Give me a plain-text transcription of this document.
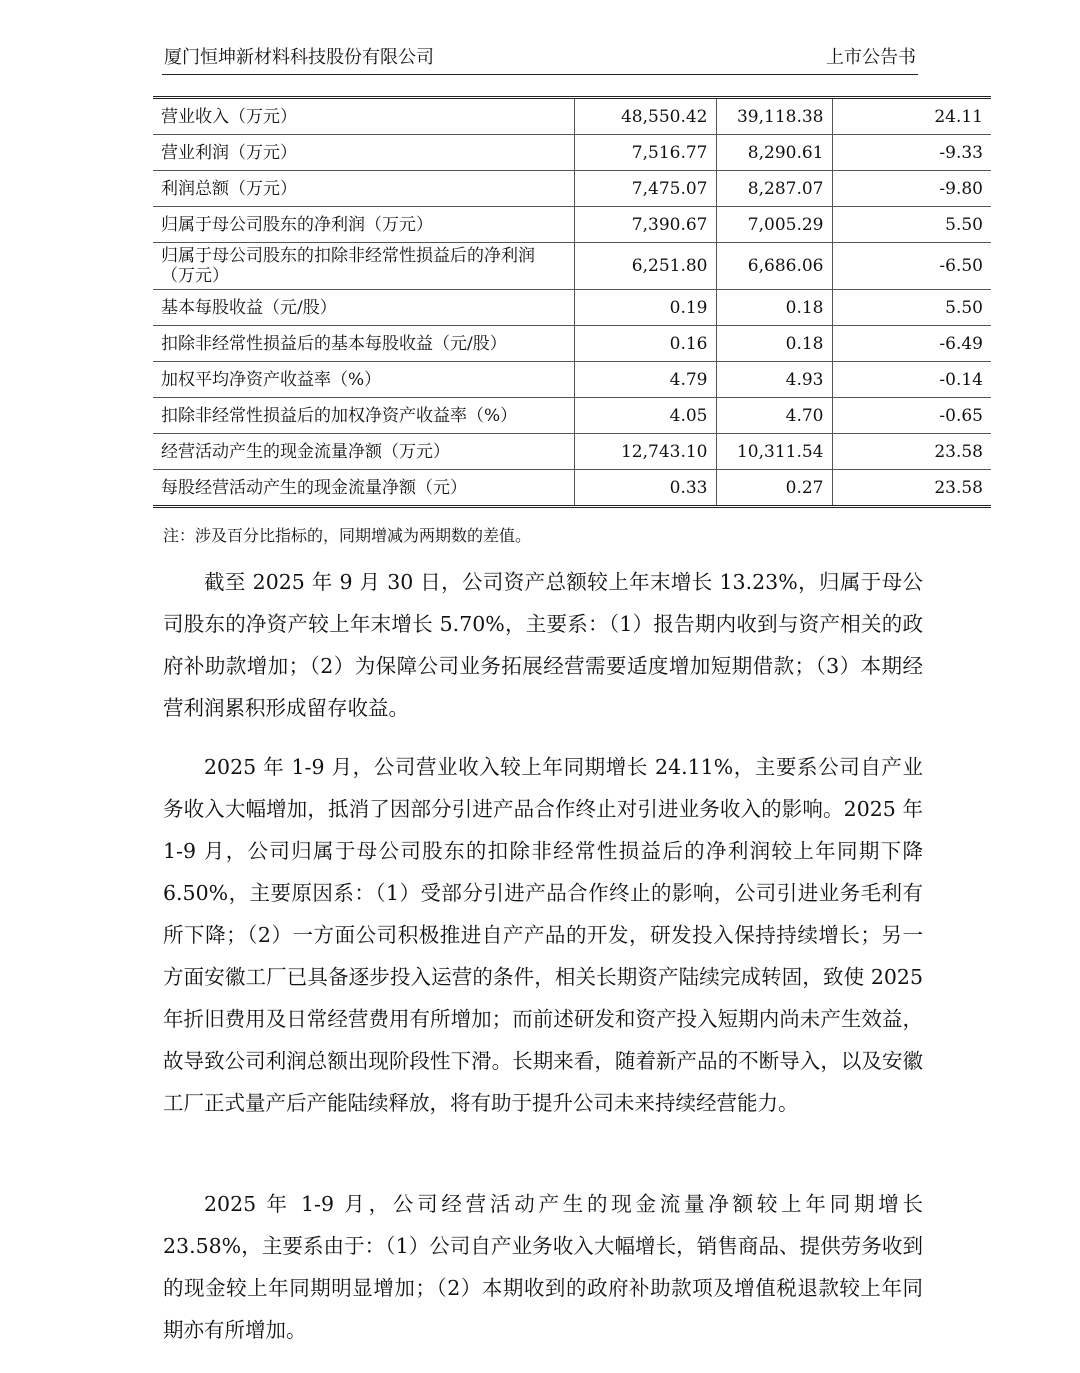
厦门恒坤新材料科技股份有限公司	上市公告书
营业收入（万元）	48,550.42	39,118.38	24.11
营业利润（万元）	7,516.77	8,290.61	-9.33
利润总额（万元）	7,475.07	8,287.07	-9.80
归属于母公司股东的净利润（万元）	7,390.67	7,005.29	5.50
归属于母公司股东的扣除非经常性损益后的净利润（万元）	6,251.80	6,686.06	-6.50
基本每股收益（元/股）	0.19	0.18	5.50
扣除非经常性损益后的基本每股收益（元/股）	0.16	0.18	-6.49
加权平均净资产收益率（%）	4.79	4.93	-0.14
扣除非经常性损益后的加权净资产收益率（%）	4.05	4.70	-0.65
经营活动产生的现金流量净额（万元）	12,743.10	10,311.54	23.58
每股经营活动产生的现金流量净额（元）	0.33	0.27	23.58
注：涉及百分比指标的，同期增减为两期数的差值。

截至 2025 年 9 月 30 日，公司资产总额较上年末增长 13.23%，归属于母公司股东的净资产较上年末增长 5.70%，主要系：（1）报告期内收到与资产相关的政府补助款增加；（2）为保障公司业务拓展经营需要适度增加短期借款；（3）本期经营利润累积形成留存收益。

2025 年 1-9 月，公司营业收入较上年同期增长 24.11%，主要系公司自产业务收入大幅增加，抵消了因部分引进产品合作终止对引进业务收入的影响。2025 年 1-9 月，公司归属于母公司股东的扣除非经常性损益后的净利润较上年同期下降 6.50%，主要原因系：（1）受部分引进产品合作终止的影响，公司引进业务毛利有所下降；（2）一方面公司积极推进自产产品的开发，研发投入保持持续增长；另一方面安徽工厂已具备逐步投入运营的条件，相关长期资产陆续完成转固，致使 2025 年折旧费用及日常经营费用有所增加；而前述研发和资产投入短期内尚未产生效益，故导致公司利润总额出现阶段性下滑。长期来看，随着新产品的不断导入，以及安徽工厂正式量产后产能陆续释放，将有助于提升公司未来持续经营能力。

2025 年 1-9 月，公司经营活动产生的现金流量净额较上年同期增长 23.58%，主要系由于：（1）公司自产业务收入大幅增长，销售商品、提供劳务收到的现金较上年同期明显增加；（2）本期收到的政府补助款项及增值税退款较上年同期亦有所增加。
